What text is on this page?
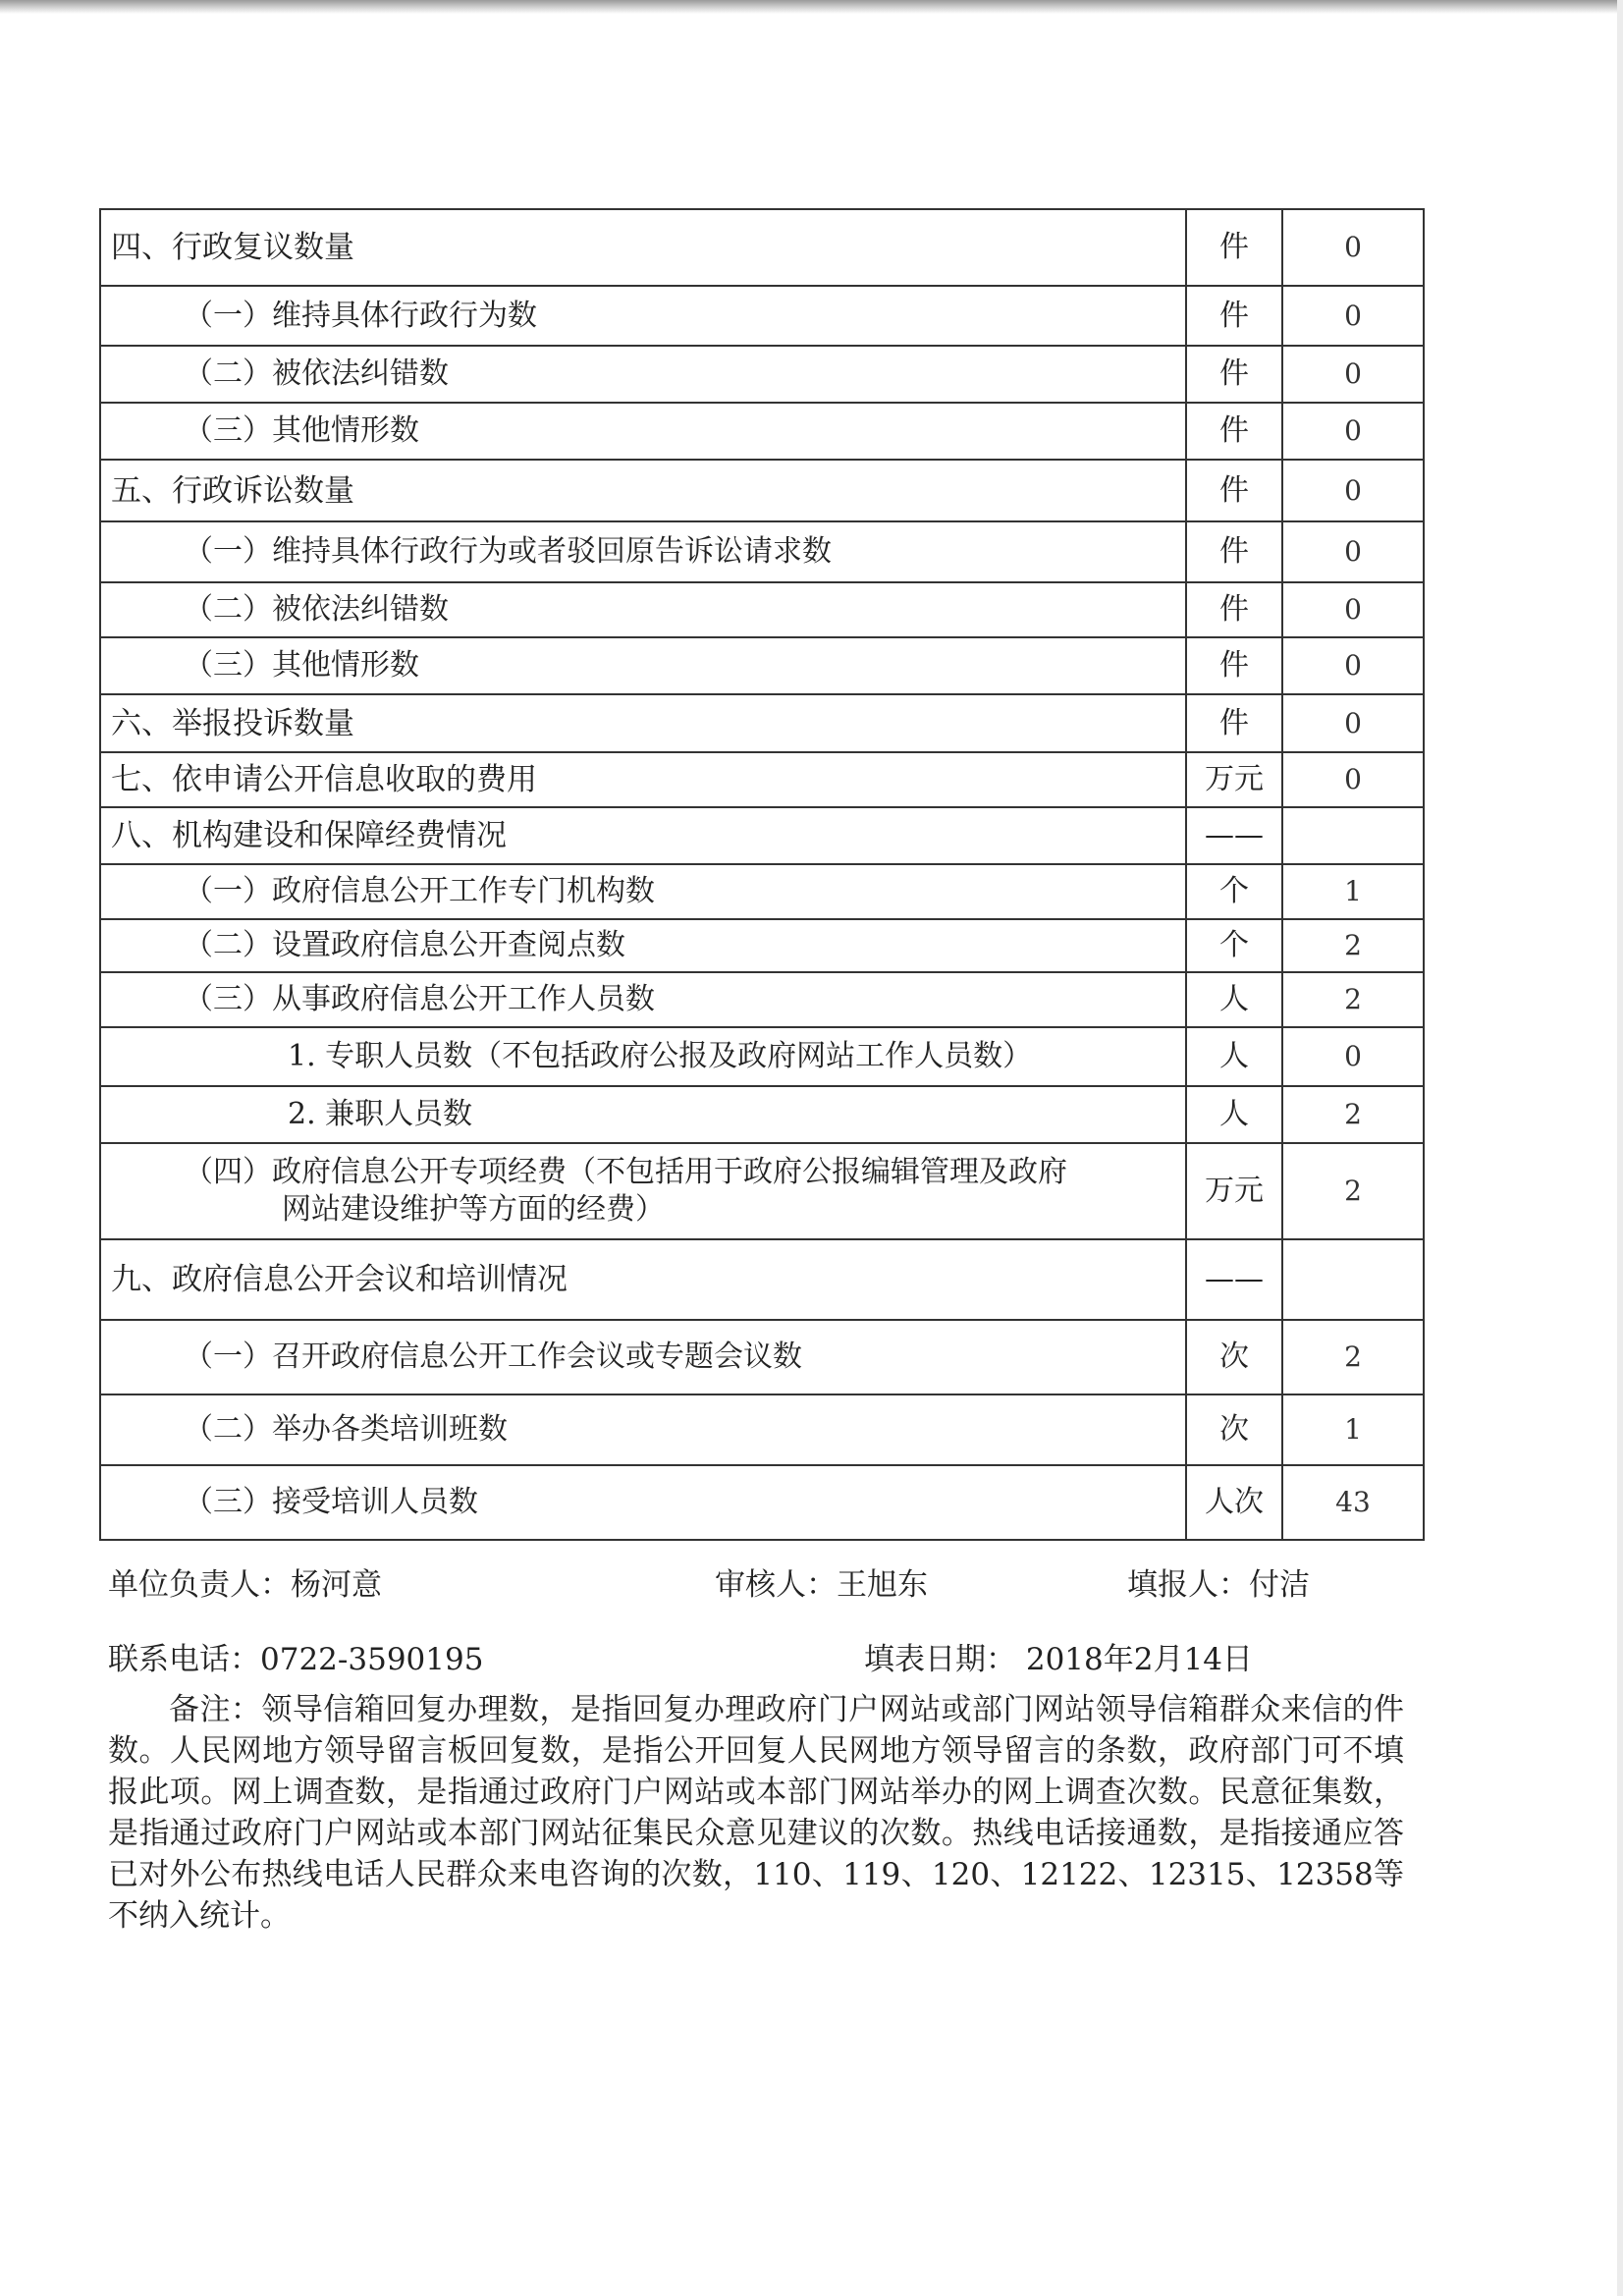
四、行政复议数量	件	0
（一）维持具体行政行为数	件	0
（二）被依法纠错数	件	0
（三）其他情形数	件	0
五、行政诉讼数量	件	0
（一）维持具体行政行为或者驳回原告诉讼请求数	件	0
（二）被依法纠错数	件	0
（三）其他情形数	件	0
六、举报投诉数量	件	0
七、依申请公开信息收取的费用	万元	0
八、机构建设和保障经费情况	——	
（一）政府信息公开工作专门机构数	个	1
（二）设置政府信息公开查阅点数	个	2
（三）从事政府信息公开工作人员数	人	2
1. 专职人员数（不包括政府公报及政府网站工作人员数）	人	0
2. 兼职人员数	人	2
（四）政府信息公开专项经费（不包括用于政府公报编辑管理及政府
网站建设维护等方面的经费）	万元	2
九、政府信息公开会议和培训情况	——	
（一）召开政府信息公开工作会议或专题会议数	次	2
（二）举办各类培训班数	次	1
（三）接受培训人员数	人次	43
单位负责人：杨河意	审核人：王旭东	填报人：付洁
联系电话：0722-3590195	填表日期： 2018年2月14日
备注：领导信箱回复办理数，是指回复办理政府门户网站或部门网站领导信箱群众来信的件数。人民网地方领导留言板回复数，是指公开回复人民网地方领导留言的条数，政府部门可不填报此项。网上调查数，是指通过政府门户网站或本部门网站举办的网上调查次数。民意征集数，是指通过政府门户网站或本部门网站征集民众意见建议的次数。热线电话接通数，是指接通应答已对外公布热线电话人民群众来电咨询的次数，110、119、120、12122、12315、12358等不纳入统计。
